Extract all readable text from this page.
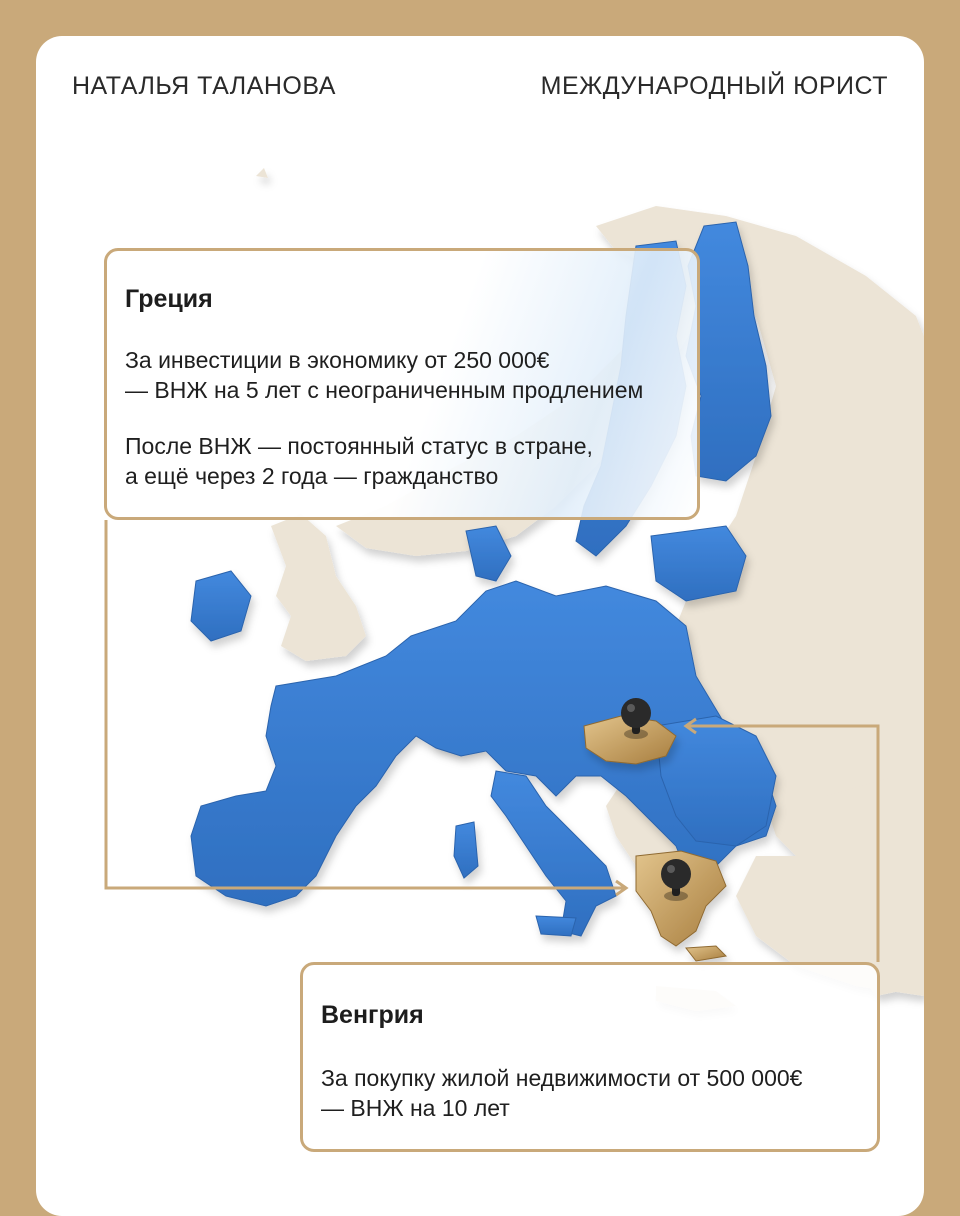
НАТАЛЬЯ ТАЛАНОВА	МЕЖДУНАРОДНЫЙ ЮРИСТ
Греция

За инвестиции в экономику от 250 000€

— ВНЖ на 5 лет с неограниченным продлением

После ВНЖ — постоянный статус в стране,

а ещё через 2 года — гражданство

Венгрия

За покупку жилой недвижимости от 500 000€

— ВНЖ на 10 лет
